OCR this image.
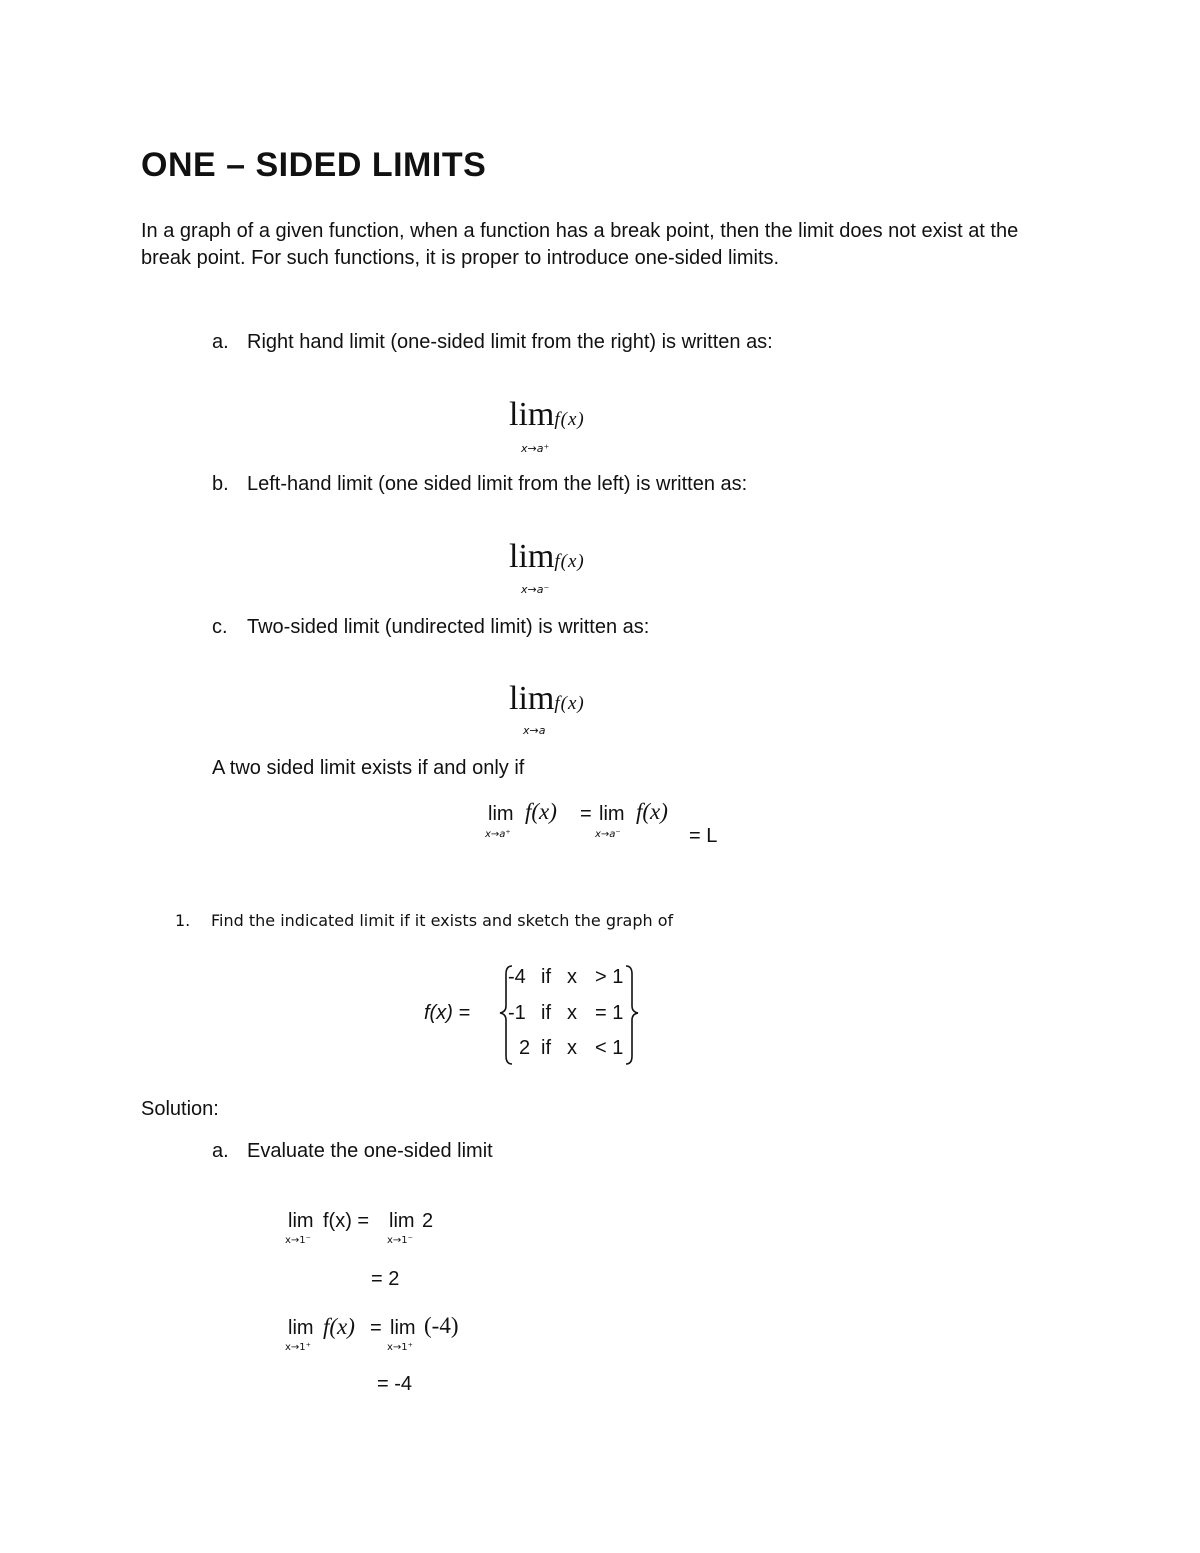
ONE – SIDED LIMITS
In a graph of a given function, when a function has a break point, then the limit does not exist at the break point. For such functions, it is proper to introduce one-sided limits.
a. Right hand limit (one-sided limit from the right) is written as:
limf(x)
x→a⁺
b. Left-hand limit (one sided limit from the left) is written as:
limf(x)
x→a⁻
c. Two-sided limit (undirected limit) is written as:
limf(x)
x→a
A two sided limit exists if and only if
lim f(x)
x→a⁺
= lim f(x)
x→a⁻	= L
1. Find the indicated limit if it exists and sketch the graph of
f(x) =
-4 if x > 1
-1 if x = 1
2 if x < 1
Solution:
a. Evaluate the one-sided limit
lim
x→1⁻
f(x) = lim
x→1⁻
2
= 2
lim
x→1⁺
f(x) = lim
x→1⁺
(-4)
= -4
